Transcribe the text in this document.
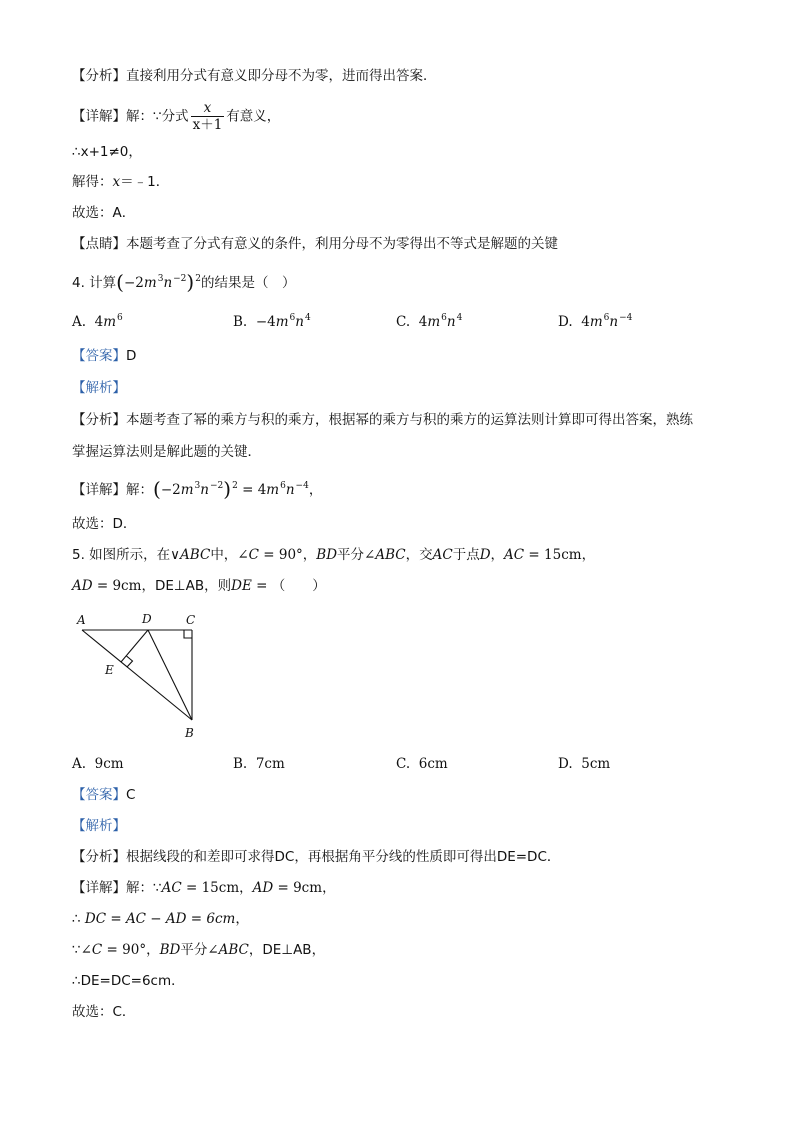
【分析】直接利用分式有意义即分母不为零，进而得出答案．
【详解】解：∵分式 $\frac{x}{x+1}$ 有意义，
∴x+1≠0，
解得：x＝﹣1．
故选：A．
【点睛】本题考查了分式有意义的条件，利用分母不为零得出不等式是解题的关键
4. 计算$(-2m^3n^{-2})^2$的结果是（　）
A. $4m^6$	B. $-4m^6n^4$	C. $4m^6n^4$	D. $4m^6n^{-4}$
【答案】D
【解析】
【分析】本题考查了幂的乘方与积的乘方，根据幂的乘方与积的乘方的运算法则计算即可得出答案，熟练
掌握运算法则是解此题的关键．
【详解】解：$(-2m^3n^{-2})^2 = 4m^6n^{-4}$，
故选：D．
5. 如图所示，在∨ABC中，∠C = 90°，BD平分∠ABC，交AC于点D，AC = 15cm，
AD = 9cm，DE⊥AB，则DE = （　　）
A	D	C
E
B
A. 9cm	B. 7cm	C. 6cm	D. 5cm
【答案】C
【解析】
【分析】根据线段的和差即可求得DC，再根据角平分线的性质即可得出DE=DC．
【详解】解：∵AC = 15cm，AD = 9cm，
∴ DC = AC − AD = 6cm，
∵∠C = 90°，BD平分∠ABC，DE⊥AB，
∴DE=DC=6cm．
故选：C．
